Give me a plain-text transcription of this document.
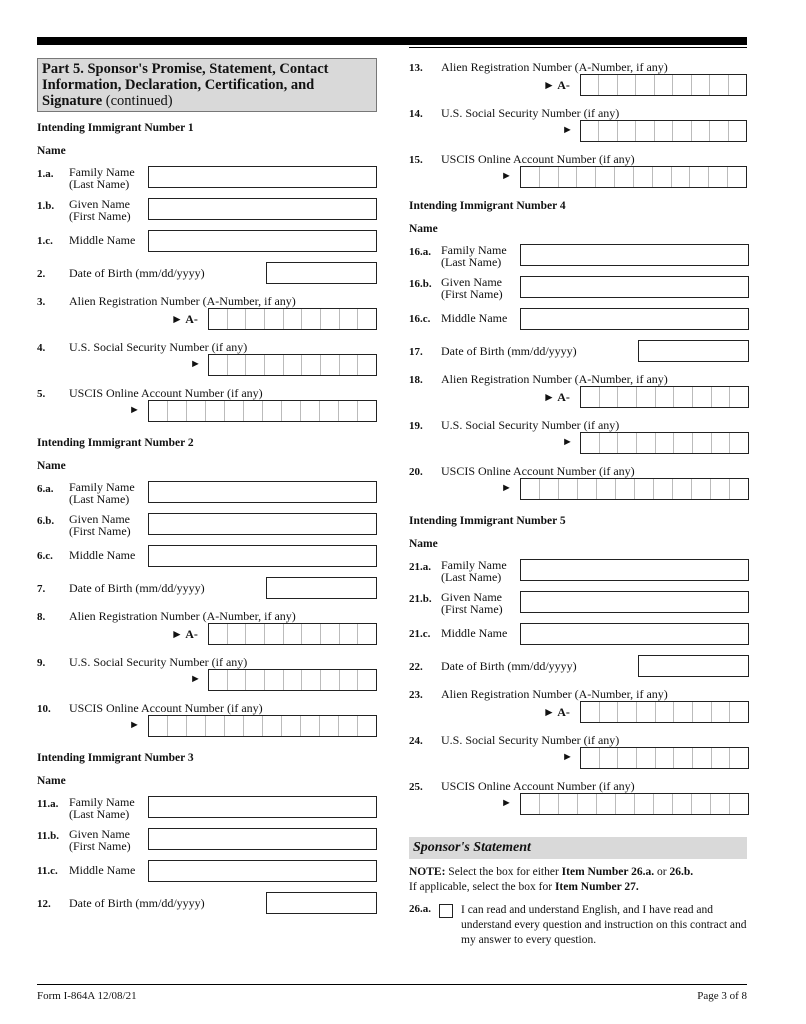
Part 5. Sponsor's Promise, Statement, Contact Information, Declaration, Certification, and Signature (continued)
Intending Immigrant Number 1
Name
1.a. Family Name
(Last Name)
1.b. Given Name
(First Name)
1.c. Middle Name
2. Date of Birth (mm/dd/yyyy)
3. Alien Registration Number (A-Number, if any)
► A-
4. U.S. Social Security Number (if any)
►
5. USCIS Online Account Number (if any)
►
Intending Immigrant Number 2
Name
6.a. Family Name
(Last Name)
6.b. Given Name
(First Name)
6.c. Middle Name
7. Date of Birth (mm/dd/yyyy)
8. Alien Registration Number (A-Number, if any)
► A-
9. U.S. Social Security Number (if any)
►
10. USCIS Online Account Number (if any)
►
Intending Immigrant Number 3
Name
11.a. Family Name
(Last Name)
11.b. Given Name
(First Name)
11.c. Middle Name
12. Date of Birth (mm/dd/yyyy)
Intending Immigrant Number 4
Name
16.a. Family Name
(Last Name)
16.b. Given Name
(First Name)
16.c. Middle Name
17. Date of Birth (mm/dd/yyyy)
18. Alien Registration Number (A-Number, if any)
► A-
19. U.S. Social Security Number (if any)
►
20. USCIS Online Account Number (if any)
►
Intending Immigrant Number 5
Name
21.a. Family Name
(Last Name)
21.b. Given Name
(First Name)
21.c. Middle Name
22. Date of Birth (mm/dd/yyyy)
23. Alien Registration Number (A-Number, if any)
► A-
24. U.S. Social Security Number (if any)
►
25. USCIS Online Account Number (if any)
►
13. Alien Registration Number (A-Number, if any)
► A-
14. U.S. Social Security Number (if any)
►
15. USCIS Online Account Number (if any)
►
Sponsor's Statement
NOTE: Select the box for either Item Number 26.a. or 26.b.
If applicable, select the box for Item Number 27.
26.a.	I can read and understand English, and I have read and understand every question and instruction on this contract and my answer to every question.
Form I-864A 12/08/21	Page 3 of 8
